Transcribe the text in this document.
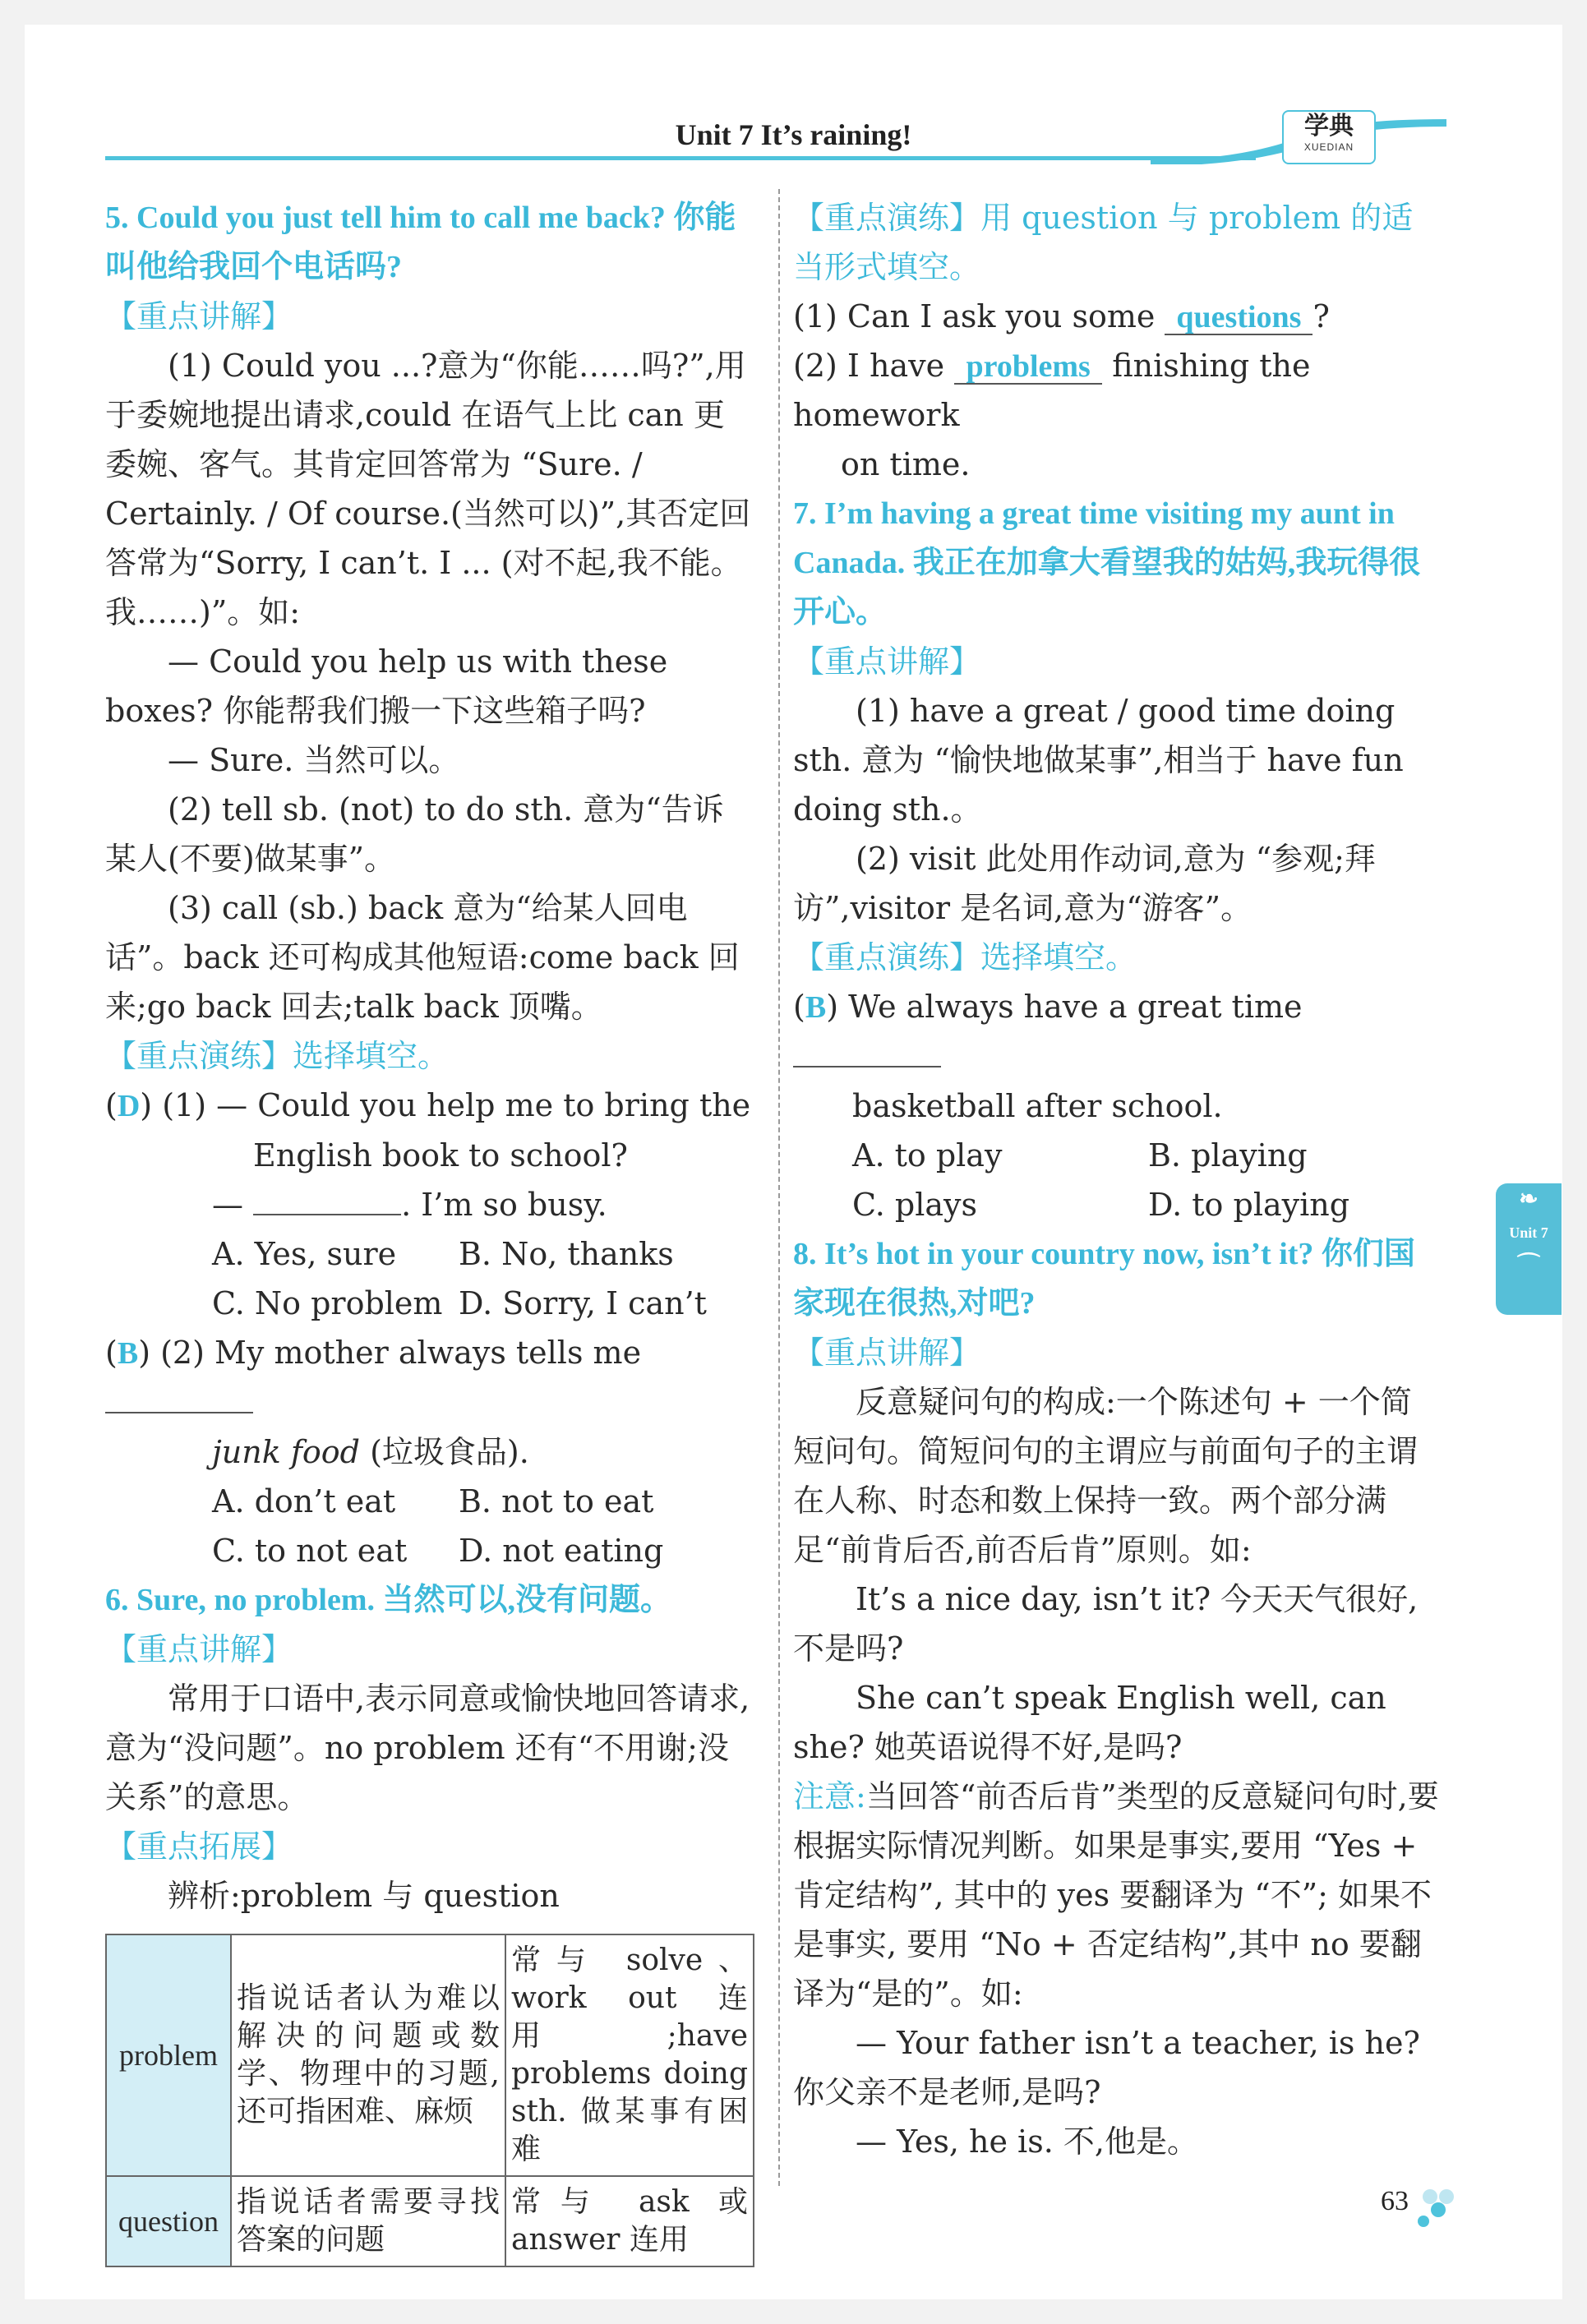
Unit 7 It’s raining!	学典
XUEDIAN

5. Could you just tell him to call me back? 你能叫他给我回个电话吗?

【重点讲解】

(1) Could you ...?意为“你能……吗?”,用于委婉地提出请求,could 在语气上比 can 更委婉、客气。其肯定回答常为 “Sure. / Certainly. / Of course.(当然可以)”,其否定回答常为“Sorry, I can’t. I ... (对不起,我不能。我……)”。如:

— Could you help us with these boxes? 你能帮我们搬一下这些箱子吗?

— Sure. 当然可以。

(2) tell sb. (not) to do sth. 意为“告诉某人(不要)做某事”。

(3) call (sb.) back 意为“给某人回电话”。back 还可构成其他短语:come back 回来;go back 回去;talk back 顶嘴。

【重点演练】选择填空。

(D) (1) — Could you help me to bring the
English book to school?
—	. I’m so busy.
A. Yes, sure	B. No, thanks
C. No problem D. Sorry, I can’t
(B) (2) My mother always tells me
junk food (垃圾食品).
A. don’t eat	B. not to eat
C. to not eat	D. not eating

6. Sure, no problem. 当然可以,没有问题。

【重点讲解】

常用于口语中,表示同意或愉快地回答请求,意为“没问题”。no problem 还有“不用谢;没关系”的意思。

【重点拓展】

辨析:problem 与 question

problem	指说话者认为难以解决的问题或数学、物理中的习题,还可指困难、麻烦	常与 solve、work out 连用;have problems doing sth. 做某事有困难
question	指说话者需要寻找答案的问题	常与 ask 或 answer 连用

【重点演练】用 question 与 problem 的适当形式填空。

(1) Can I ask you some questions ?

(2) I have problems finishing the homework

on time.

7. I’m having a great time visiting my aunt in Canada. 我正在加拿大看望我的姑妈,我玩得很开心。

【重点讲解】

(1) have a great / good time doing sth. 意为 “愉快地做某事”,相当于 have fun doing sth.。

(2) visit 此处用作动词,意为 “参观;拜访”,visitor 是名词,意为“游客”。

【重点演练】选择填空。

(B) We always have a great time
basketball after school.
A. to play	B. playing
C. plays	D. to playing

8. It’s hot in your country now, isn’t it? 你们国家现在很热,对吧?

【重点讲解】

反意疑问句的构成:一个陈述句 + 一个简短问句。简短问句的主谓应与前面句子的主谓在人称、时态和数上保持一致。两个部分满足“前肯后否,前否后肯”原则。如:

It’s a nice day, isn’t it? 今天天气很好,不是吗?

She can’t speak English well, can she? 她英语说得不好,是吗?

注意:当回答“前否后肯”类型的反意疑问句时,要根据实际情况判断。如果是事实,要用 “Yes + 肯定结构”, 其中的 yes 要翻译为 “不”; 如果不是事实, 要用 “No + 否定结构”,其中 no 要翻译为“是的”。如:

— Your father isn’t a teacher, is he? 你父亲不是老师,是吗?

— Yes, he is. 不,他是。

❧
Unit 7
⌒
63
